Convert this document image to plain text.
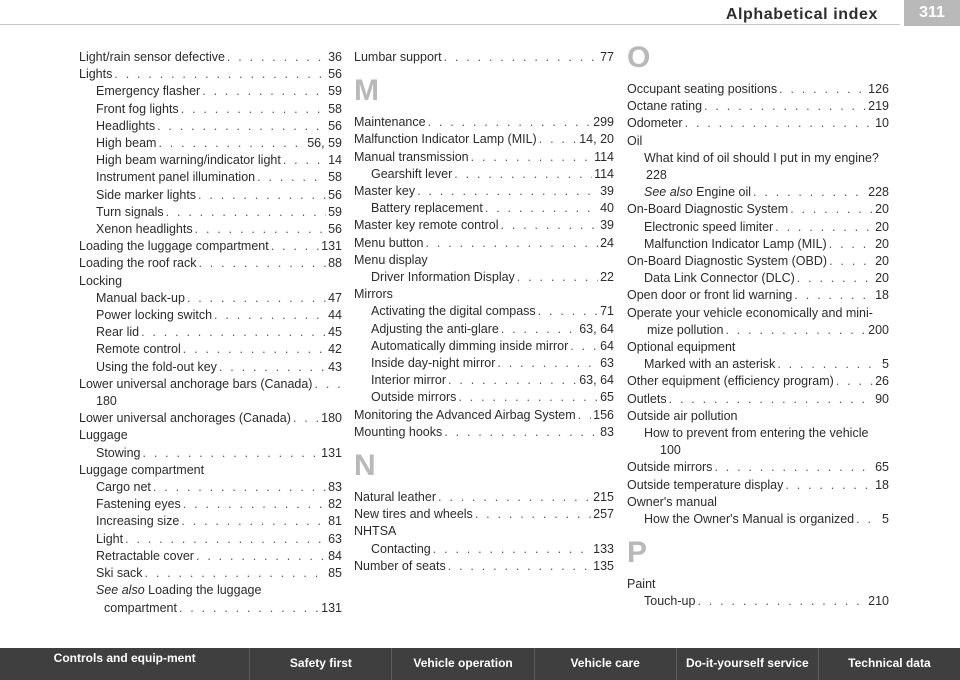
Alphabetical index	311
Light/rain sensor defective . . .	36
Lights . . .	56
Emergency flasher . . .	59
Front fog lights . . .	58
Headlights . . .	56
High beam . . .	56, 59
High beam warning/indicator light . . .	14
Instrument panel illumination . . .	58
Side marker lights . . .	56
Turn signals . . .	59
Xenon headlights . . .	56
Loading the luggage compartment . . .	131
Loading the roof rack . . .	88
Locking
Manual back-up . . .	47
Power locking switch . . .	44
Rear lid . . .	45
Remote control . . .	42
Using the fold-out key . . .	43
Lower universal anchorage bars (Canada)
. . .
180
Lower universal anchorages (Canada) . . . 180
Luggage
Stowing . . .	131
Luggage compartment
Cargo net . . .	83
Fastening eyes . . .	82
Increasing size . . .	81
Light . . .	63
Retractable cover . . .	84
Ski sack . . .	85
See also Loading the luggage
compartment . . .	131
Lumbar support . . .	77
M
Maintenance . . .	299
Malfunction Indicator Lamp (MIL) . . .	14, 20
Manual transmission . . .	114
Gearshift lever . . .	114
Master key . . .	39
Battery replacement . . .	40
Master key remote control . . .	39
Menu button . . .	24
Menu display
Driver Information Display . . .	22
Mirrors
Activating the digital compass . . .	71
Adjusting the anti-glare . . .	63, 64
Automatically dimming inside mirror . . .	64
Inside day-night mirror . . .	63
Interior mirror . . .	63, 64
Outside mirrors . . .	65
Monitoring the Advanced Airbag System . . . 156
Mounting hooks . . .	83
N
Natural leather . . .	215
New tires and wheels . . .	257
NHTSA
Contacting . . .	133
Number of seats . . .	135
O
Occupant seating positions . . .	126
Octane rating . . .	219
Odometer . . .	10
Oil
What kind of oil should I put in my engine?
228
See also Engine oil . . .	228
On-Board Diagnostic System . . .	20
Electronic speed limiter . . .	20
Malfunction Indicator Lamp (MIL) . . .	20
On-Board Diagnostic System (OBD) . . .	20
Data Link Connector (DLC) . . .	20
Open door or front lid warning . . .	18
Operate your vehicle economically and mini-
mize pollution . . .	200
Optional equipment
Marked with an asterisk . . .	5
Other equipment (efficiency program) . . .	26
Outlets . . .	90
Outside air pollution
How to prevent from entering the vehicle
100
Outside mirrors . . .	65
Outside temperature display . . .	18
Owner's manual
How the Owner's Manual is organized . . . 5
P
Paint
Touch-up . . .	210
Controls and equip-ment	Safety first	Vehicle operation	Vehicle care	Do-it-yourself service	Technical data
